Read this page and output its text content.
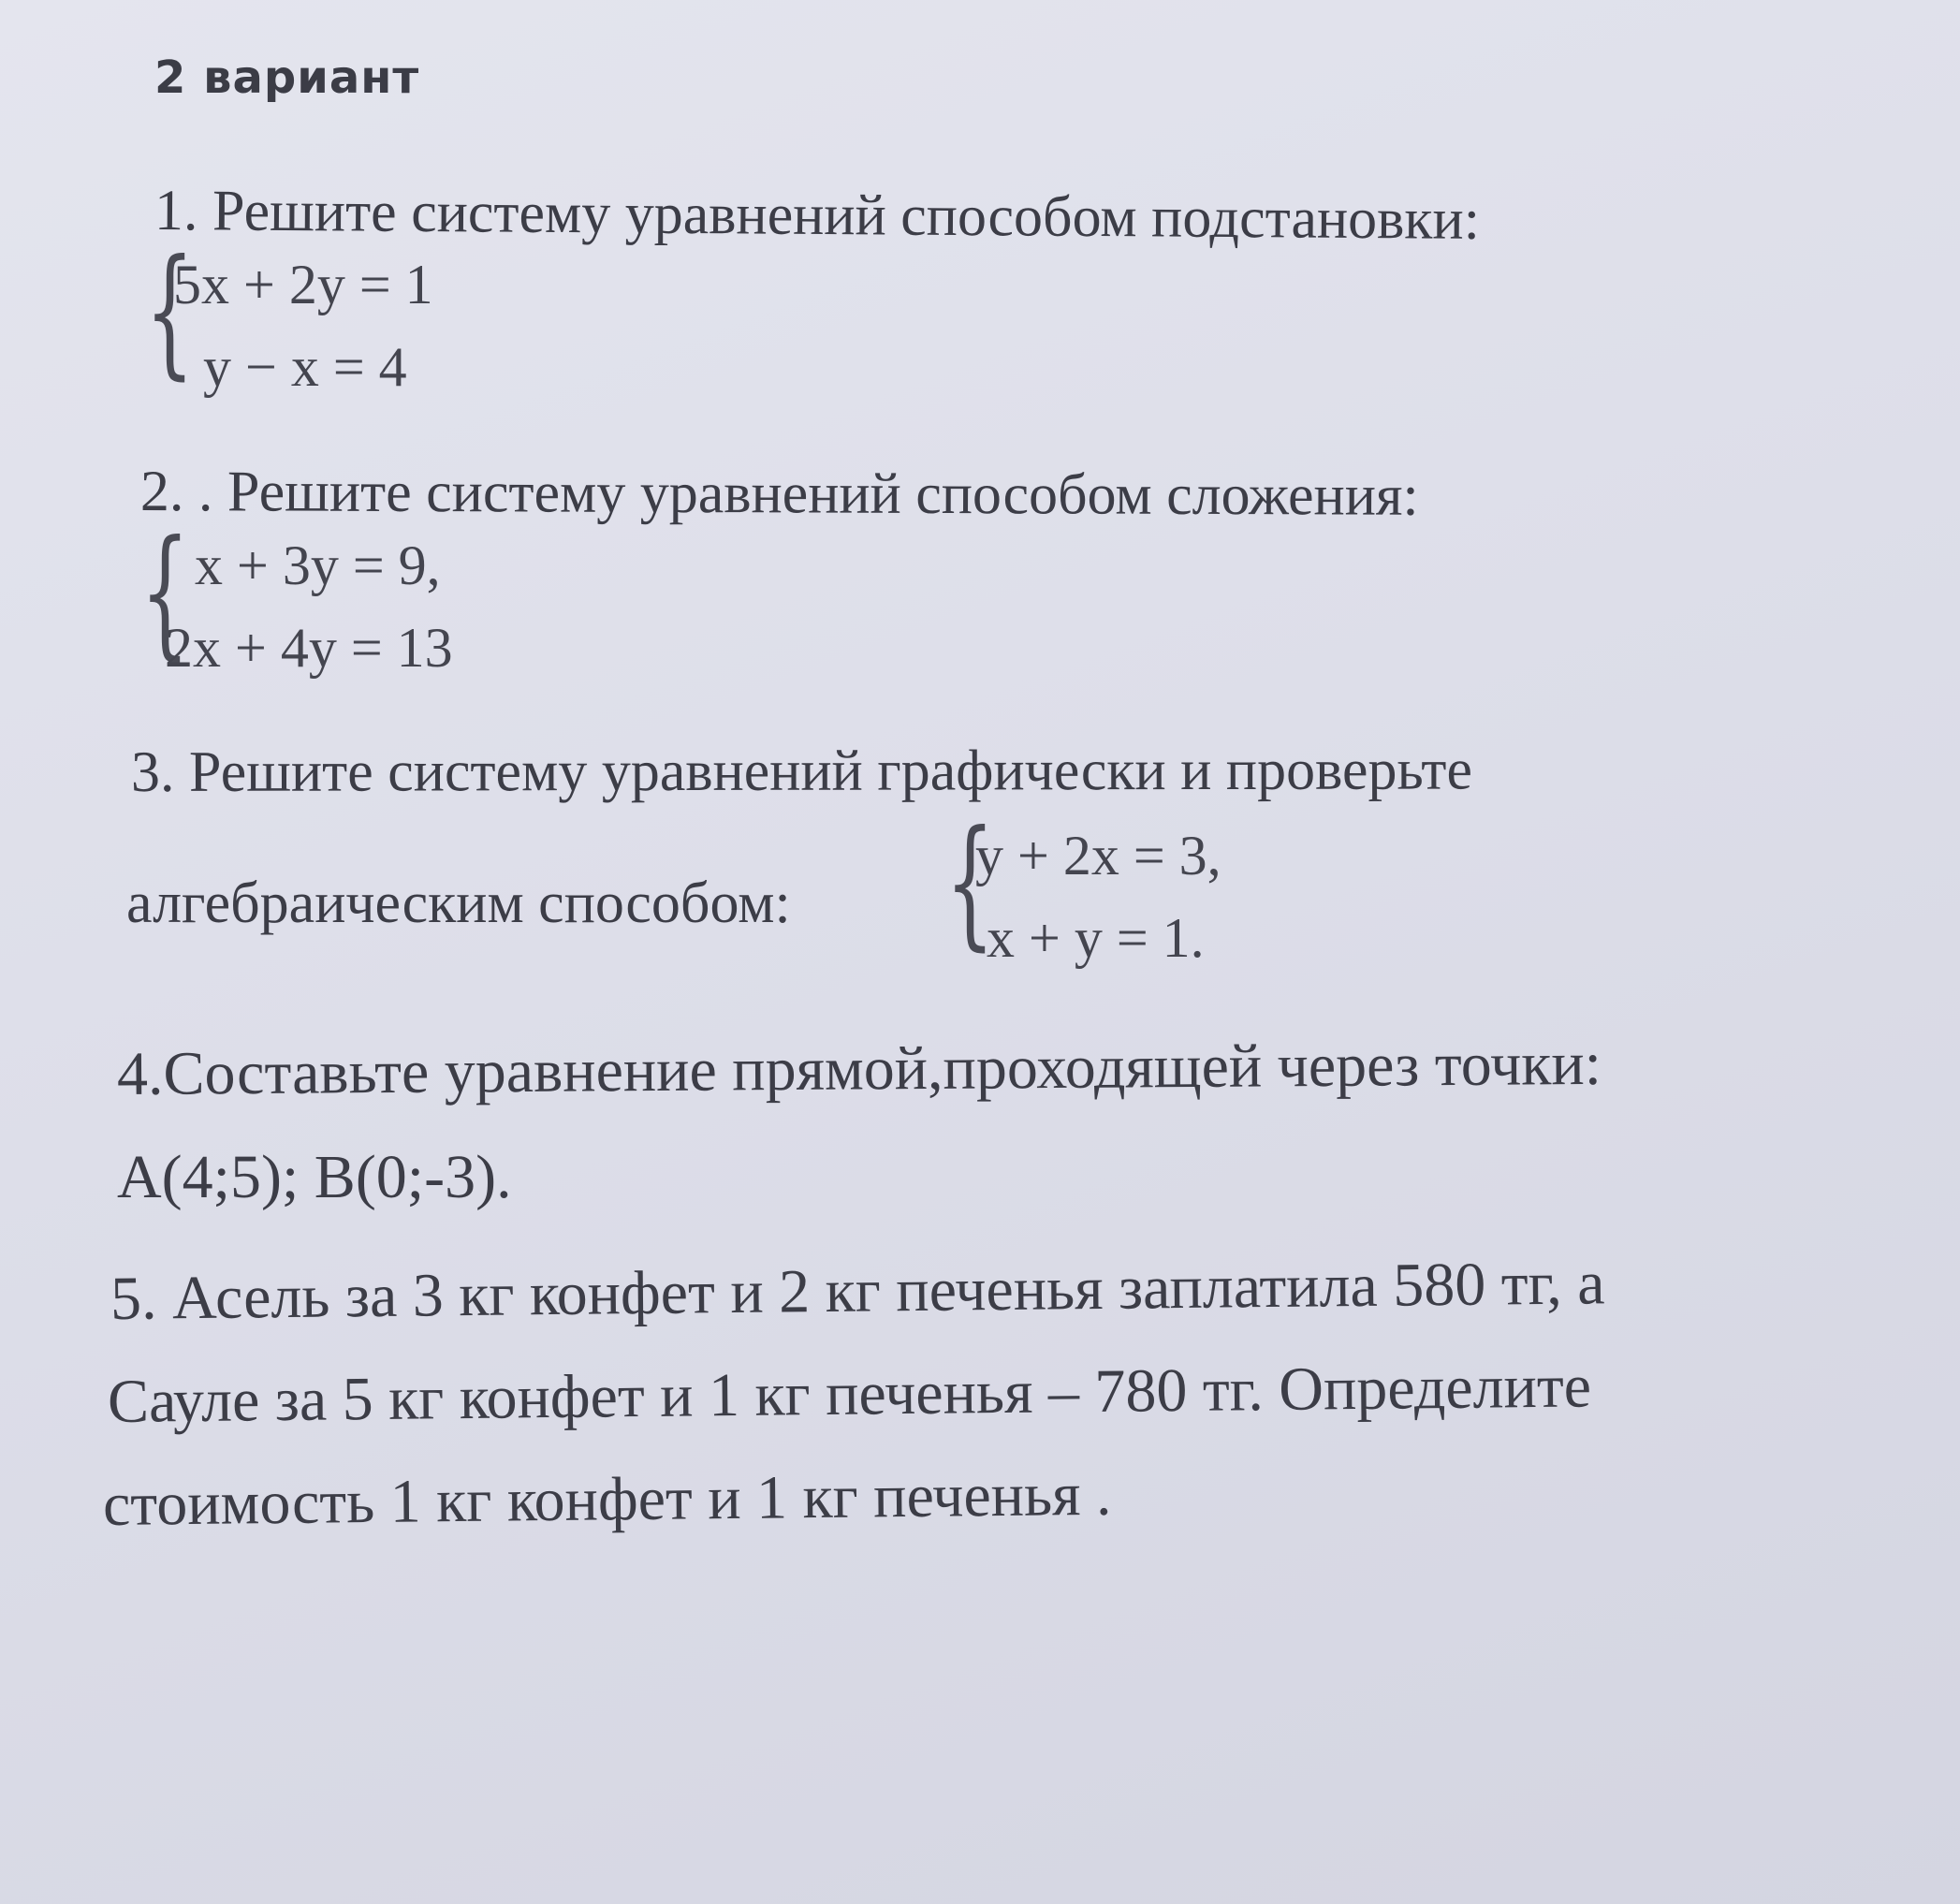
2 вариант
1. Решите систему уравнений способом подстановки:
{
5x + 2y = 1
y − x = 4
2. . Решите систему уравнений способом сложения:
{ x + 3y = 9,
2x + 4y = 13
3. Решите систему уравнений графически и проверьте
алгебраическим способом: {
y + 2x = 3,
x + y = 1.
4.Составьте уравнение прямой,проходящей через точки:
A(4;5); B(0;-3).
5. Асель за 3 кг конфет и 2 кг печенья заплатила 580 тг, а
Сауле за 5 кг конфет и 1 кг печенья – 780 тг. Определите
стоимость 1 кг конфет и 1 кг печенья .
